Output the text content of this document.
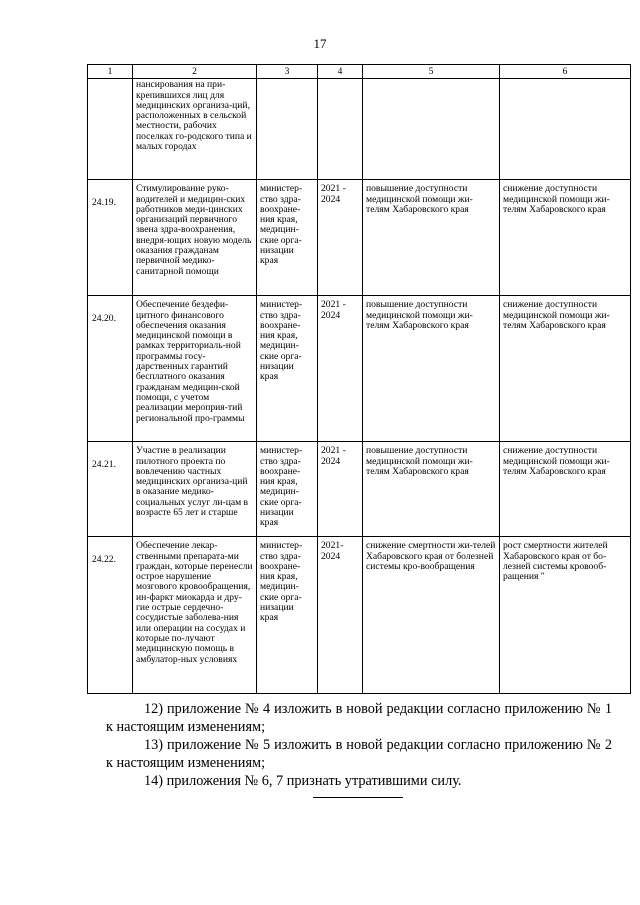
17
1	2	3	4	5	6
	нансирования на при-крепившихся лиц для медицинских организа-ций, расположенных в сельской местности, рабочих поселках го-родского типа и малых городах				
24.19.	Стимулирование руко-водителей и медицин-ских работников меди-цинских организаций первичного звена здра-воохранения, внедря-ющих новую модель оказания гражданам первичной медико-санитарной помощи	министер-ство здра-воохране-ния края, медицин-ские орга-низации края	2021 - 2024	повышение доступности медицинской помощи жи-телям Хабаровского края	снижение доступности медицинской помощи жи-телям Хабаровского края
24.20.	Обеспечение бездефи-цитного финансового обеспечения оказания медицинской помощи в рамках территориаль-ной программы госу-дарственных гарантий бесплатного оказания гражданам медицин-ской помощи, с учетом реализации мероприя-тий региональной про-граммы	министер-ство здра-воохране-ния края, медицин-ские орга-низации края	2021 - 2024	повышение доступности медицинской помощи жи-телям Хабаровского края	снижение доступности медицинской помощи жи-телям Хабаровского края
24.21.	Участие в реализации пилотного проекта по вовлечению частных медицинских организа-ций в оказание медико-социальных услуг ли-цам в возрасте 65 лет и старше	министер-ство здра-воохране-ния края, медицин-ские орга-низации края	2021 - 2024	повышение доступности медицинской помощи жи-телям Хабаровского края	снижение доступности медицинской помощи жи-телям Хабаровского края
24.22.	Обеспечение лекар-ственными препарата-ми граждан, которые перенесли острое нарушение мозгового кровообращения, ин-фаркт миокарда и дру-гие острые сердечно-сосудистые заболева-ния или операции на сосудах и которые по-лучают медицинскую помощь в амбулатор-ных условиях	министер-ство здра-воохране-ния края, медицин-ские орга-низации края	2021-2024	снижение смертности жи-телей Хабаровского края от болезней системы кро-вообращения	рост смертности жителей Хабаровского края от бо-лезней системы кровооб-ращения "

12) приложение № 4 изложить в новой редакции согласно приложению № 1 к настоящим изменениям;

13) приложение № 5 изложить в новой редакции согласно приложению № 2 к настоящим изменениям;

14) приложения № 6, 7 признать утратившими силу.
